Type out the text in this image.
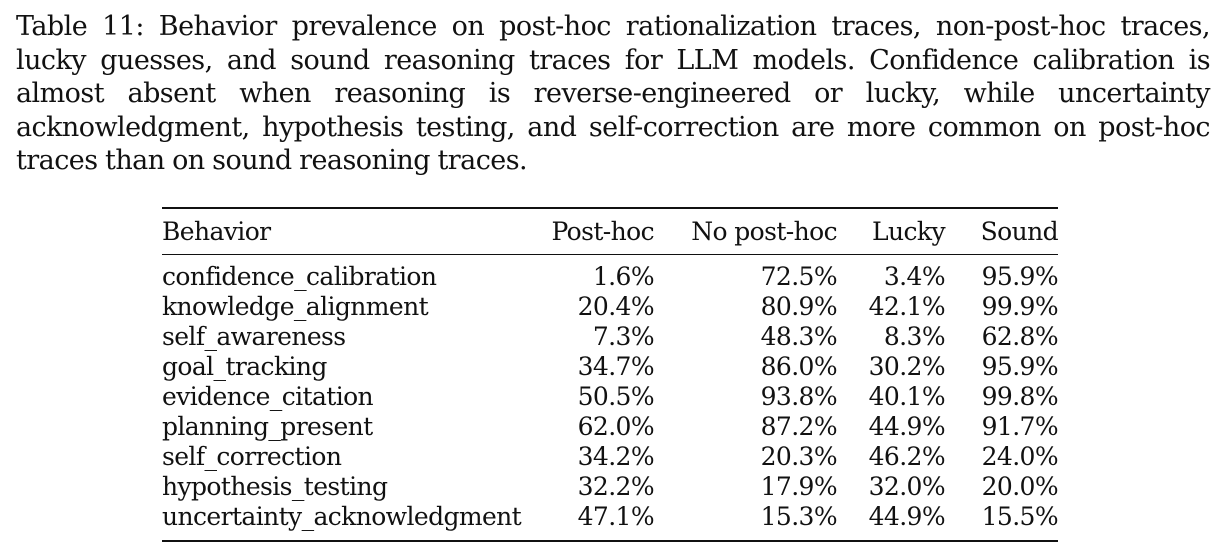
Table 11: Behavior prevalence on post-hoc rationalization traces, non-post-hoc traces, lucky guesses, and sound reasoning traces for LLM models. Confidence calibration is almost absent when reasoning is reverse-engineered or lucky, while uncertainty acknowledgment, hypothesis testing, and self-correction are more common on post-hoc traces than on sound reasoning traces.

Behavior	Post-hoc	No post-hoc	Lucky	Sound
confidence_calibration	1.6%	72.5%	3.4%	95.9%
knowledge_alignment	20.4%	80.9%	42.1%	99.9%
self_awareness	7.3%	48.3%	8.3%	62.8%
goal_tracking	34.7%	86.0%	30.2%	95.9%
evidence_citation	50.5%	93.8%	40.1%	99.8%
planning_present	62.0%	87.2%	44.9%	91.7%
self_correction	34.2%	20.3%	46.2%	24.0%
hypothesis_testing	32.2%	17.9%	32.0%	20.0%
uncertainty_acknowledgment	47.1%	15.3%	44.9%	15.5%
